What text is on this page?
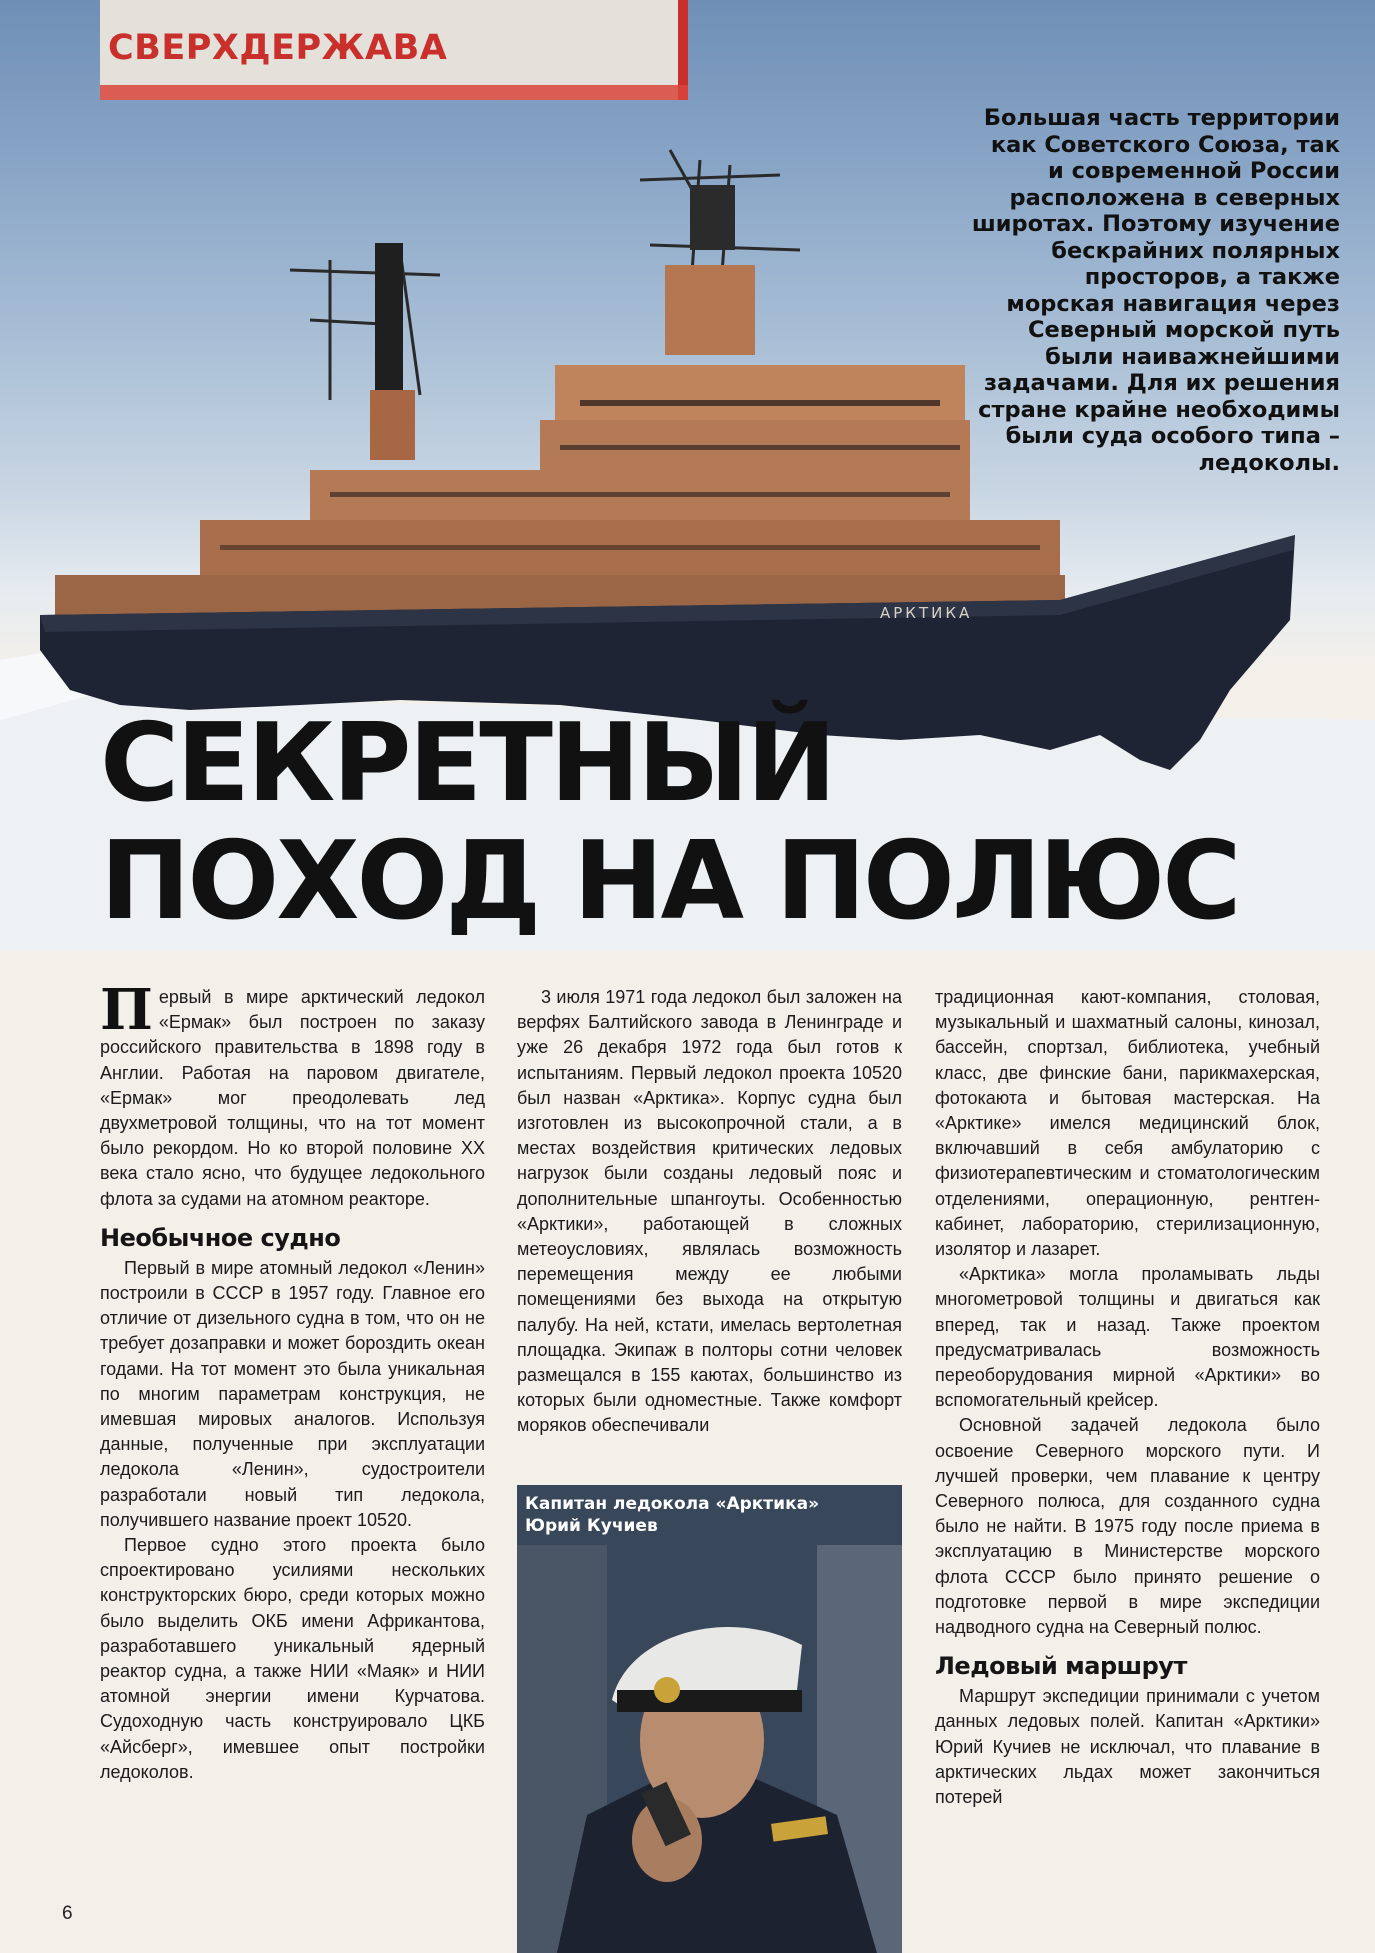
АРКТИКА
СВЕРХДЕРЖАВА
Большая часть территории
как Советского Союза, так
и современной России
расположена в северных
широтах. Поэтому изучение
бескрайних полярных
просторов, а также
морская навигация через
Северный морской путь
были наиважнейшими
задачами. Для их решения
стране крайне необходимы
были суда особого типа –
ледоколы.
СЕКРЕТНЫЙ
ПОХОД НА ПОЛЮС

Первый в мире арктический ледокол «Ермак» был построен по заказу российского правительства в 1898 году в Англии. Работая на паровом двигателе, «Ермак» мог преодолевать лед двухметровой толщины, что на тот момент было рекордом. Но ко второй половине XX века стало ясно, что будущее ледокольного флота за судами на атомном реакторе.

Необычное судно

Первый в мире атомный ледокол «Ленин» построили в СССР в 1957 году. Главное его отличие от дизельного судна в том, что он не требует дозаправки и может бороздить океан годами. На тот момент это была уникальная по многим параметрам конструкция, не имевшая мировых аналогов. Используя данные, полученные при эксплуатации ледокола «Ленин», судостроители разработали новый тип ледокола, получившего название проект 10520.

Первое судно этого проекта было спроектировано усилиями нескольких конструкторских бюро, среди которых можно было выделить ОКБ имени Африкантова, разработавшего уникальный ядерный реактор судна, а также НИИ «Маяк» и НИИ атомной энергии имени Курчатова. Судоходную часть конструировало ЦКБ «Айсберг», имевшее опыт постройки ледоколов.

3 июля 1971 года ледокол был заложен на верфях Балтийского завода в Ленинграде и уже 26 декабря 1972 года был готов к испытаниям. Первый ледокол проекта 10520 был назван «Арктика». Корпус судна был изготовлен из высокопрочной стали, а в местах воздействия критических ледовых нагрузок были созданы ледовый пояс и дополнительные шпангоуты. Особенностью «Арктики», работающей в сложных метеоусловиях, являлась возможность перемещения между ее любыми помещениями без выхода на открытую палубу. На ней, кстати, имелась вертолетная площадка. Экипаж в полторы сотни человек размещался в 155 каютах, большинство из которых были одноместные. Также комфорт моряков обеспечивали

Капитан ледокола «Арктика»
Юрий Кучиев

традиционная кают-компания, столовая, музыкальный и шахматный салоны, кинозал, бассейн, спортзал, библиотека, учебный класс, две финские бани, парикмахерская, фотокаюта и бытовая мастерская. На «Арктике» имелся медицинский блок, включавший в себя амбулаторию с физиотерапевтическим и стоматологическим отделениями, операционную, рентген-кабинет, лабораторию, стерилизационную, изолятор и лазарет.

«Арктика» могла проламывать льды многометровой толщины и двигаться как вперед, так и назад. Также проектом предусматривалась возможность переоборудования мирной «Арктики» во вспомогательный крейсер.

Основной задачей ледокола было освоение Северного морского пути. И лучшей проверки, чем плавание к центру Северного полюса, для созданного судна было не найти. В 1975 году после приема в эксплуатацию в Министерстве морского флота СССР было принято решение о подготовке первой в мире экспедиции надводного судна на Северный полюс.

Ледовый маршрут

Маршрут экспедиции принимали с учетом данных ледовых полей. Капитан «Арктики» Юрий Кучиев не исключал, что плавание в арктических льдах может закончиться потерей

6
